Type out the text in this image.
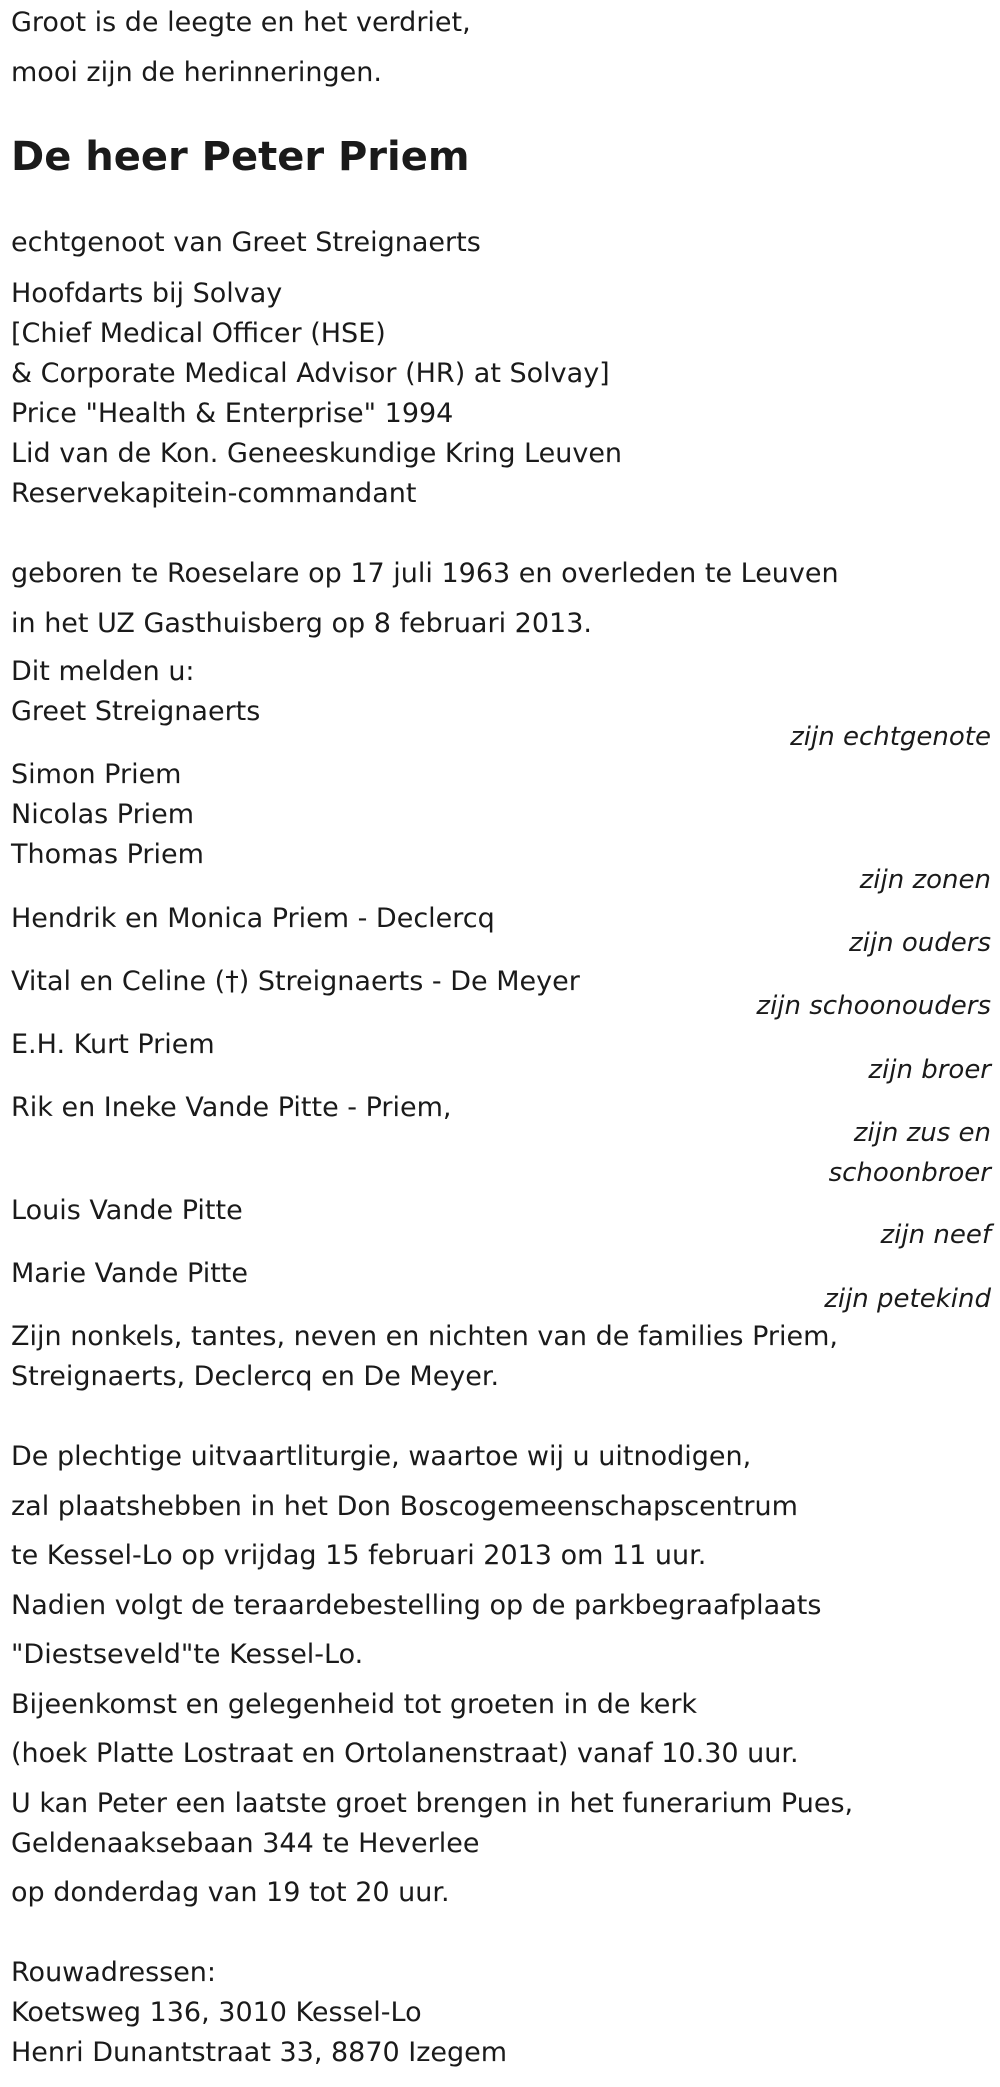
Groot is de leegte en het verdriet,
mooi zijn de herinneringen.
De heer Peter Priem
echtgenoot van Greet Streignaerts
Hoofdarts bij Solvay
[Chief Medical Officer (HSE)
& Corporate Medical Advisor (HR) at Solvay]
Price "Health & Enterprise" 1994
Lid van de Kon. Geneeskundige Kring Leuven
Reservekapitein-commandant
geboren te Roeselare op 17 juli 1963 en overleden te Leuven
in het UZ Gasthuisberg op 8 februari 2013.
Dit melden u:
Greet Streignaerts
zijn echtgenote
Simon Priem
Nicolas Priem
Thomas Priem
zijn zonen
Hendrik en Monica Priem - Declercq
zijn ouders
Vital en Celine (†) Streignaerts - De Meyer
zijn schoonouders
E.H. Kurt Priem
zijn broer
Rik en Ineke Vande Pitte - Priem,
zijn zus en
schoonbroer
Louis Vande Pitte
zijn neef
Marie Vande Pitte
zijn petekind
Zijn nonkels, tantes, neven en nichten van de families Priem,
Streignaerts, Declercq en De Meyer.
De plechtige uitvaartliturgie, waartoe wij u uitnodigen,
zal plaatshebben in het Don Boscogemeenschapscentrum
te Kessel-Lo op vrijdag 15 februari 2013 om 11 uur.
Nadien volgt de teraardebestelling op de parkbegraafplaats
"Diestseveld"te Kessel-Lo.
Bijeenkomst en gelegenheid tot groeten in de kerk
(hoek Platte Lostraat en Ortolanenstraat) vanaf 10.30 uur.
U kan Peter een laatste groet brengen in het funerarium Pues,
Geldenaaksebaan 344 te Heverlee
op donderdag van 19 tot 20 uur.
Rouwadressen:
Koetsweg 136, 3010 Kessel-Lo
Henri Dunantstraat 33, 8870 Izegem
